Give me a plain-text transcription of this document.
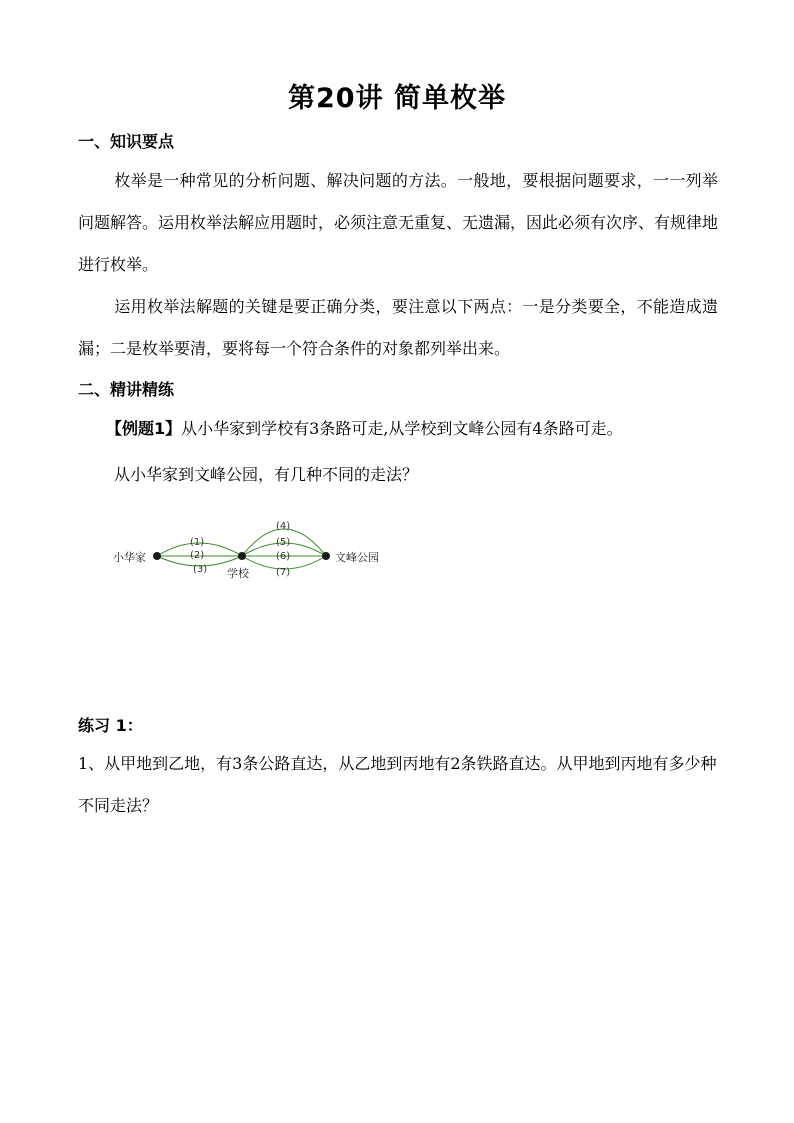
第20讲 简单枚举
一、知识要点
枚举是一种常见的分析问题、解决问题的方法。一般地，要根据问题要求，一一列举问题解答。运用枚举法解应用题时，必须注意无重复、无遗漏，因此必须有次序、有规律地进行枚举。
运用枚举法解题的关键是要正确分类，要注意以下两点：一是分类要全，不能造成遗漏；二是枚举要清，要将每一个符合条件的对象都列举出来。
二、精讲精练
【例题1】从小华家到学校有3条路可走,从学校到文峰公园有4条路可走。
从小华家到文峰公园，有几种不同的走法？
小华家
学校
文峰公园
(1)
(2)
(3)
(4)
(5)
(6)
(7)
练习 1：
1、从甲地到乙地，有3条公路直达，从乙地到丙地有2条铁路直达。从甲地到丙地有多少种不同走法？
